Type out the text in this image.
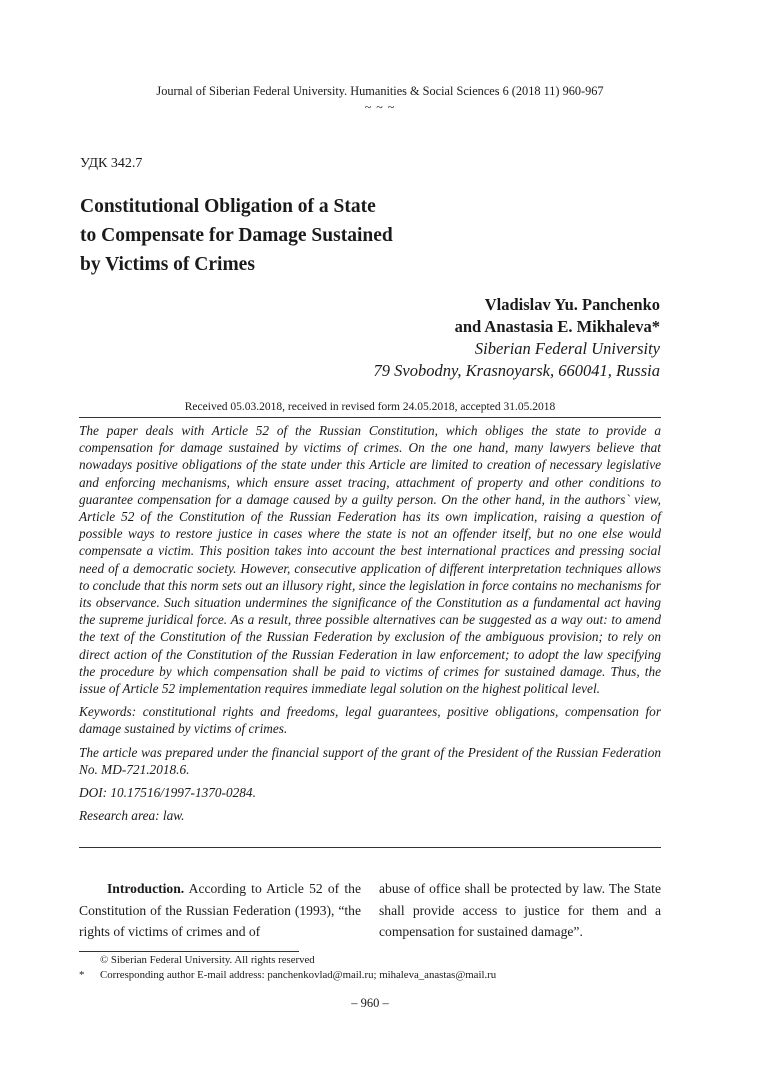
Journal of Siberian Federal University. Humanities & Social Sciences 6 (2018 11) 960-967
~ ~ ~
УДК 342.7
Constitutional Obligation of a State
to Compensate for Damage Sustained
by Victims of Crimes
Vladislav Yu. Panchenko
and Anastasia E. Mikhaleva*
Siberian Federal University
79 Svobodny, Krasnoyarsk, 660041, Russia
Received 05.03.2018, received in revised form 24.05.2018, accepted 31.05.2018

The paper deals with Article 52 of the Russian Constitution, which obliges the state to provide a compensation for damage sustained by victims of crimes. On the one hand, many lawyers believe that nowadays positive obligations of the state under this Article are limited to creation of necessary legislative and enforcing mechanisms, which ensure asset tracing, attachment of property and other conditions to guarantee compensation for a damage caused by a guilty person. On the other hand, in the authors` view, Article 52 of the Constitution of the Russian Federation has its own implication, raising a question of possible ways to restore justice in cases where the state is not an offender itself, but no one else would compensate a victim. This position takes into account the best international practices and pressing social need of a democratic society. However, consecutive application of different interpretation techniques allows to conclude that this norm sets out an illusory right, since the legislation in force contains no mechanisms for its observance. Such situation undermines the significance of the Constitution as a fundamental act having the supreme juridical force. As a result, three possible alternatives can be suggested as a way out: to amend the text of the Constitution of the Russian Federation by exclusion of the ambiguous provision; to rely on direct action of the Constitution of the Russian Federation in law enforcement; to adopt the law specifying the procedure by which compensation shall be paid to victims of crimes for sustained damage. Thus, the issue of Article 52 implementation requires immediate legal solution on the highest political level.

Keywords: constitutional rights and freedoms, legal guarantees, positive obligations, compensation for damage sustained by victims of crimes.

The article was prepared under the financial support of the grant of the President of the Russian Federation No. MD-721.2018.6.

DOI: 10.17516/1997-1370-0284.

Research area: law.

Introduction. According to Article 52 of the Constitution of the Russian Federation (1993), “the rights of victims of crimes and of
abuse of office shall be protected by law. The State shall provide access to justice for them and a compensation for sustained damage”.
© Siberian Federal University. All rights reserved
* Corresponding author E-mail address: panchenkovlad@mail.ru; mihaleva_anastas@mail.ru
– 960 –
